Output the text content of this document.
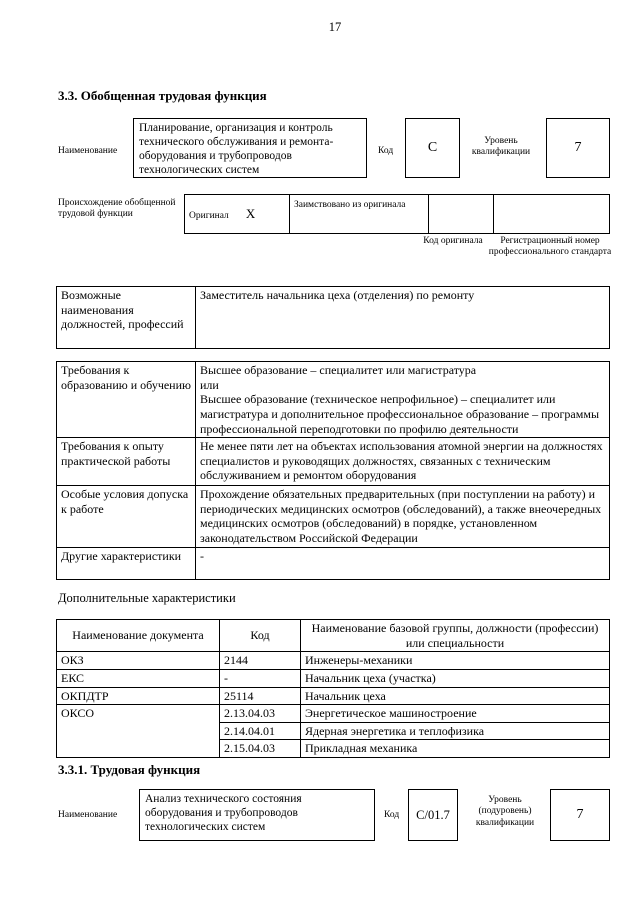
17
3.3. Обобщенная трудовая функция
Наименование
Планирование, организация и контроль технического обслуживания и ремонта-оборудования и трубопроводов технологических систем
Код C	Уровень квалификации	7
Происхождение обобщенной трудовой функции	Оригинал X	Заимствовано из оригинала		
Код оригинала	Регистрационный номер профессионального стандарта
Возможные наименования должностей, профессий	Заместитель начальника цеха (отделения) по ремонту
Требования к образованию и обучению	Высшее образование – специалитет или магистратура
или
Высшее образование (техническое непрофильное) – специалитет или магистратура и дополнительное профессиональное образование – программы профессиональной переподготовки по профилю деятельности

Требования к опыту практической работы	Не менее пяти лет на объектах использования атомной энергии на должностях специалистов и руководящих должностях, связанных с техническим обслуживанием и ремонтом оборудования
Особые условия допуска к работе	Прохождение обязательных предварительных (при поступлении на работу) и периодических медицинских осмотров (обследований), а также внеочередных медицинских осмотров (обследований) в порядке, установленном законодательством Российской Федерации
Другие характеристики	-
Дополнительные характеристики
Наименование документа	Код	Наименование базовой группы, должности (профессии) или специальности
ОКЗ	2144	Инженеры-механики
ЕКС	-	Начальник цеха (участка)
ОКПДТР	25114	Начальник цеха
ОКСО	2.13.04.03	Энергетическое машиностроение
	2.14.04.01	Ядерная энергетика и теплофизика
	2.15.04.03	Прикладная механика
3.3.1. Трудовая функция
Наименование
Анализ технического состояния оборудования и трубопроводов технологических систем
Код C/01.7
Уровень (подуровень) квалификации
7
